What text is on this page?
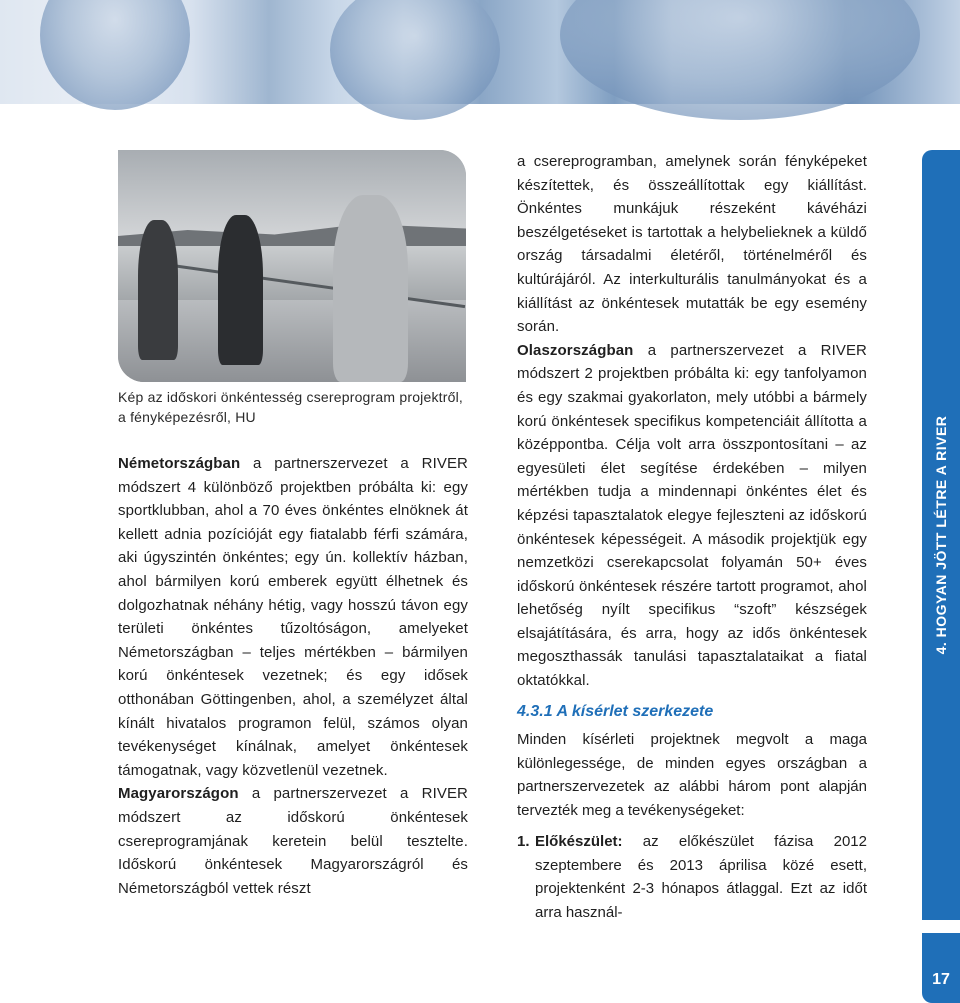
Kép az időskori önkéntesség csereprogram projektről, a fényképezésről, HU

Németországban a partnerszervezet a RIVER módszert 4 különböző projektben próbálta ki: egy sportklubban, ahol a 70 éves önkéntes elnöknek át kellett adnia pozícióját egy fiatalabb férfi számára, aki úgyszintén önkéntes; egy ún. kollektív házban, ahol bármilyen korú emberek együtt élhetnek és dolgozhatnak néhány hétig, vagy hosszú távon egy területi önkéntes tűzoltóságon, amelyeket Németországban – teljes mértékben – bármilyen korú önkéntesek vezetnek; és egy idősek otthonában Göttingenben, ahol, a személyzet által kínált hivatalos programon felül, számos olyan tevékenységet kínálnak, amelyet önkéntesek támogatnak, vagy közvetlenül vezetnek.

Magyarországon a partnerszervezet a RIVER módszert az időskorú önkéntesek csereprogramjának keretein belül tesztelte. Időskorú önkéntesek Magyarországról és Németországból vettek részt

a csereprogramban, amelynek során fényképeket készítettek, és összeállítottak egy kiállítást. Önkéntes munkájuk részeként kávéházi beszélgetéseket is tartottak a helybelieknek a küldő ország társadalmi életéről, történelméről és kultúrájáról. Az interkulturális tanulmányokat és a kiállítást az önkéntesek mutatták be egy esemény során.

Olaszországban a partnerszervezet a RIVER módszert 2 projektben próbálta ki: egy tanfolyamon és egy szakmai gyakorlaton, mely utóbbi a bármely korú önkéntesek specifikus kompetenciáit állította a középpontba. Célja volt arra összpontosítani – az egyesületi élet segítése érdekében – milyen mértékben tudja a mindennapi önkéntes élet és képzési tapasztalatok elegye fejleszteni az időskorú önkéntesek képességeit. A második projektjük egy nemzetközi cserekapcsolat folyamán 50+ éves időskorú önkéntesek részére tartott programot, ahol lehetőség nyílt specifikus “szoft” készségek elsajátítására, és arra, hogy az idős önkéntesek megoszthassák tanulási tapasztalataikat a fiatal oktatókkal.

4.3.1 A kísérlet szerkezete

Minden kísérleti projektnek megvolt a maga különlegessége, de minden egyes országban a partnerszervezetek az alábbi három pont alapján tervezték meg a tevékenységeket:

1. Előkészület: az előkészület fázisa 2012 szeptembere és 2013 áprilisa közé esett, projektenként 2-3 hónapos átlaggal. Ezt az időt arra használ-
4. HOGYAN JÖTT LÉTRE A RIVER
17
